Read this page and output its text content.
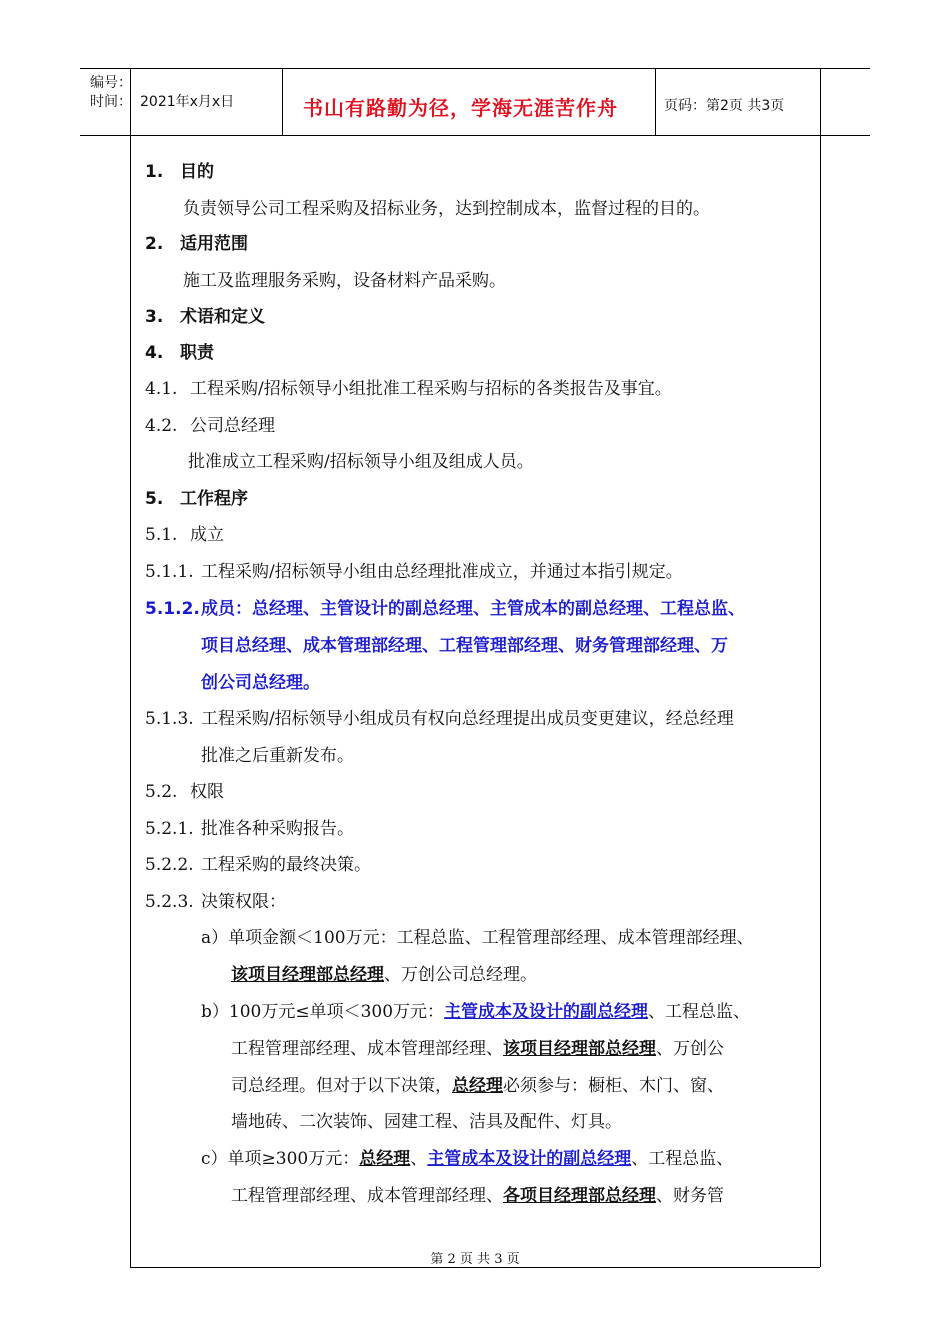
编号：
时间： 2021年x月x日	书山有路勤为径，学海无涯苦作舟	页码：第2页 共3页
1. 目的
负责领导公司工程采购及招标业务，达到控制成本，监督过程的目的。
2. 适用范围
施工及监理服务采购，设备材料产品采购。
3. 术语和定义
4. 职责
4.1. 工程采购/招标领导小组批准工程采购与招标的各类报告及事宜。
4.2. 公司总经理
批准成立工程采购/招标领导小组及组成人员。
5. 工作程序
5.1. 成立
5.1.1. 工程采购/招标领导小组由总经理批准成立，并通过本指引规定。
5.1.2. 成员：总经理、主管设计的副总经理、主管成本的副总经理、工程总监、
项目总经理、成本管理部经理、工程管理部经理、财务管理部经理、万
创公司总经理。
5.1.3. 工程采购/招标领导小组成员有权向总经理提出成员变更建议，经总经理
批准之后重新发布。
5.2. 权限
5.2.1. 批准各种采购报告。
5.2.2. 工程采购的最终决策。
5.2.3. 决策权限：
a）单项金额＜100万元：工程总监、工程管理部经理、成本管理部经理、
该项目经理部总经理、万创公司总经理。
b）100万元≤单项＜300万元：主管成本及设计的副总经理、工程总监、
工程管理部经理、成本管理部经理、该项目经理部总经理、万创公
司总经理。但对于以下决策，总经理必须参与：橱柜、木门、窗、
墙地砖、二次装饰、园建工程、洁具及配件、灯具。
c）单项≥300万元：总经理、主管成本及设计的副总经理、工程总监、
工程管理部经理、成本管理部经理、各项目经理部总经理、财务管
第 2 页 共 3 页
